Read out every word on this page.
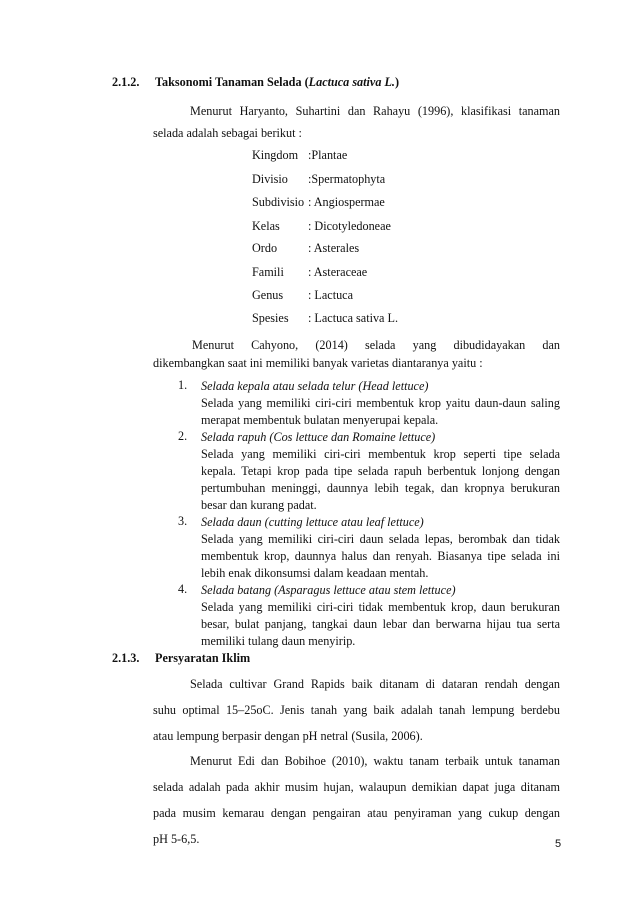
2.1.2. Taksonomi Tanaman Selada (Lactuca sativa L.)
Menurut Haryanto, Suhartini dan Rahayu (1996), klasifikasi tanaman
selada adalah sebagai berikut :
Kingdom :Plantae
Divisio :Spermatophyta
Subdivisio : Angiospermae
Kelas : Dicotyledoneae
Ordo	: Asterales
Famili : Asteraceae
Genus : Lactuca
Spesies : Lactuca sativa L.
Menurut Cahyono, (2014) selada yang dibudidayakan dan
dikembangkan saat ini memiliki banyak varietas diantaranya yaitu :
1. Selada kepala atau selada telur (Head lettuce)
Selada yang memiliki ciri-ciri membentuk krop yaitu daun-daun saling
merapat membentuk bulatan menyerupai kepala.
2. Selada rapuh (Cos lettuce dan Romaine lettuce)
Selada yang memiliki ciri-ciri membentuk krop seperti tipe selada
kepala. Tetapi krop pada tipe selada rapuh berbentuk lonjong dengan
pertumbuhan meninggi, daunnya lebih tegak, dan kropnya berukuran
besar dan kurang padat.
3. Selada daun (cutting lettuce atau leaf lettuce)
Selada yang memiliki ciri-ciri daun selada lepas, berombak dan tidak
membentuk krop, daunnya halus dan renyah. Biasanya tipe selada ini
lebih enak dikonsumsi dalam keadaan mentah.
4. Selada batang (Asparagus lettuce atau stem lettuce)
Selada yang memiliki ciri-ciri tidak membentuk krop, daun berukuran
besar, bulat panjang, tangkai daun lebar dan berwarna hijau tua serta
memiliki tulang daun menyirip.
2.1.3. Persyaratan Iklim
Selada cultivar Grand Rapids baik ditanam di dataran rendah dengan
suhu optimal 15–25oC. Jenis tanah yang baik adalah tanah lempung berdebu
atau lempung berpasir dengan pH netral (Susila, 2006).
Menurut Edi dan Bobihoe (2010), waktu tanam terbaik untuk tanaman
selada adalah pada akhir musim hujan, walaupun demikian dapat juga ditanam
pada musim kemarau dengan pengairan atau penyiraman yang cukup dengan
pH 5-6,5.	5
